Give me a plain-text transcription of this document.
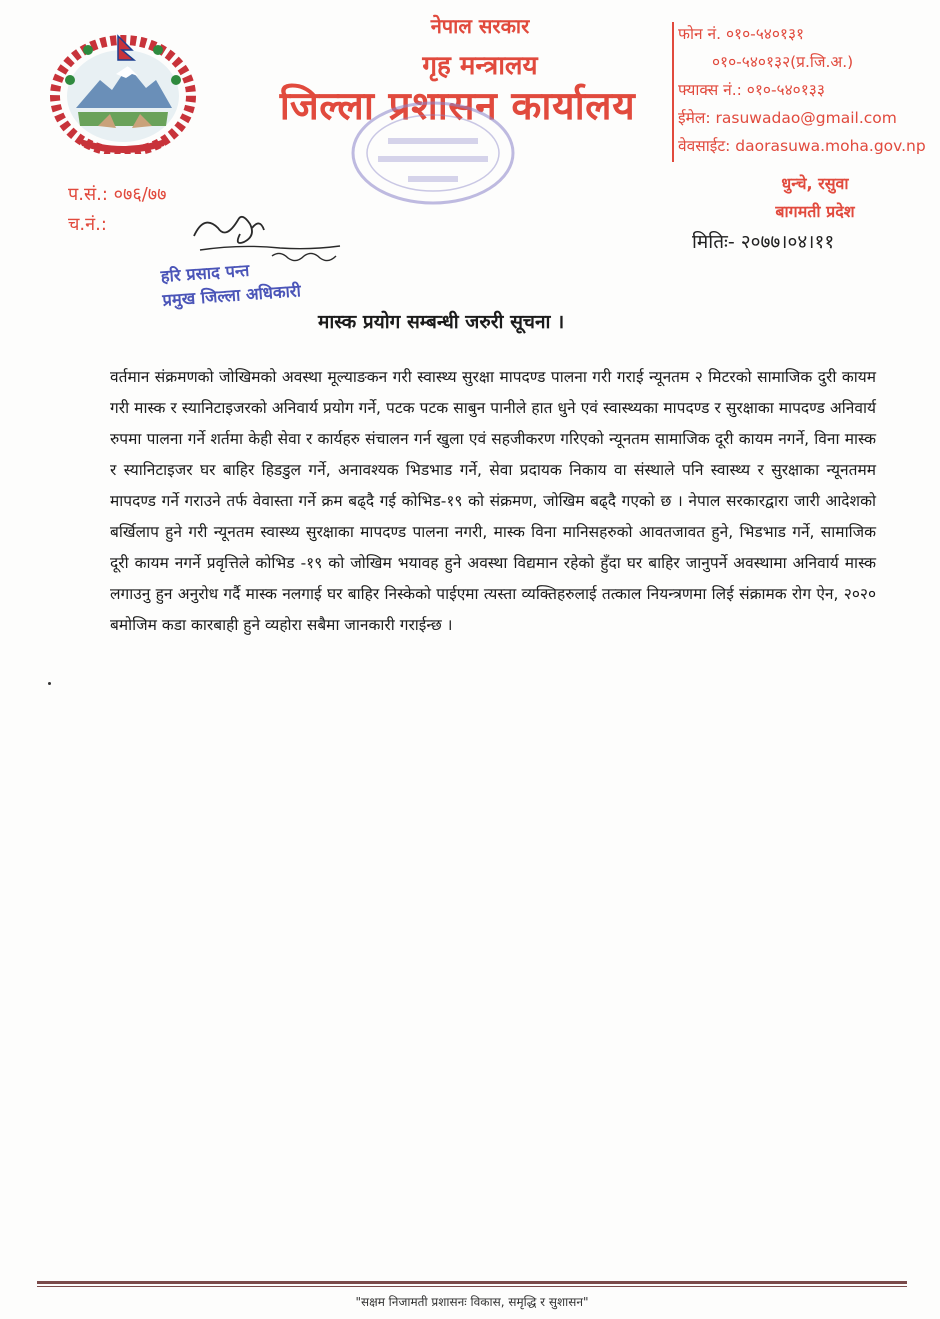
नेपाल सरकार
गृह मन्त्रालय
जिल्ला प्रशासन कार्यालय
फोन नं. ०१०-५४०१३१
०१०-५४०१३२(प्र.जि.अ.)
फ्याक्स नं.: ०१०-५४०१३३
ईमेल: rasuwadao@gmail.com
वेवसाईट: daorasuwa.moha.gov.np
धुन्चे, रसुवा
बागमती प्रदेश
प.सं.: ०७६/७७
च.नं.:
मितिः- २०७७।०४।११
हरि प्रसाद पन्त
प्रमुख जिल्ला अधिकारी
मास्क प्रयोग सम्बन्धी जरुरी सूचना ।
वर्तमान संक्रमणको जोखिमको अवस्था मूल्याङकन गरी स्वास्थ्य सुरक्षा मापदण्ड पालना गरी गराई न्यूनतम २ मिटरको सामाजिक दुरी कायम गरी मास्क र स्यानिटाइजरको अनिवार्य प्रयोग गर्ने, पटक पटक साबुन पानीले हात धुने एवं स्वास्थ्यका मापदण्ड र सुरक्षाका मापदण्ड अनिवार्य रुपमा पालना गर्ने शर्तमा केही सेवा र कार्यहरु संचालन गर्न खुला एवं सहजीकरण गरिएको न्यूनतम सामाजिक दूरी कायम नगर्ने, विना मास्क र स्यानिटाइजर घर बाहिर हिडडुल गर्ने, अनावश्यक भिडभाड गर्ने, सेवा प्रदायक निकाय वा संस्थाले पनि स्वास्थ्य र सुरक्षाका न्यूनतमम मापदण्ड गर्ने गराउने तर्फ वेवास्ता गर्ने क्रम बढ्दै गई कोभिड-१९ को संक्रमण, जोखिम बढ्दै गएको छ । नेपाल सरकारद्वारा जारी आदेशको बर्खिलाप हुने गरी न्यूनतम स्वास्थ्य सुरक्षाका मापदण्ड पालना नगरी, मास्क विना मानिसहरुको आवतजावत हुने, भिडभाड गर्ने, सामाजिक दूरी कायम नगर्ने प्रवृत्तिले कोभिड -१९ को जोखिम भयावह हुने अवस्था विद्यमान रहेको हुँदा घर बाहिर जानुपर्ने अवस्थामा अनिवार्य मास्क लगाउनु हुन अनुरोध गर्दै मास्क नलगाई घर बाहिर निस्केको पाईएमा त्यस्ता व्यक्तिहरुलाई तत्काल नियन्त्रणमा लिई संक्रामक रोग ऐन, २०२० बमोजिम कडा कारबाही हुने व्यहोरा सबैमा जानकारी गराईन्छ ।
"सक्षम निजामती प्रशासनः विकास, समृद्धि र सुशासन"
